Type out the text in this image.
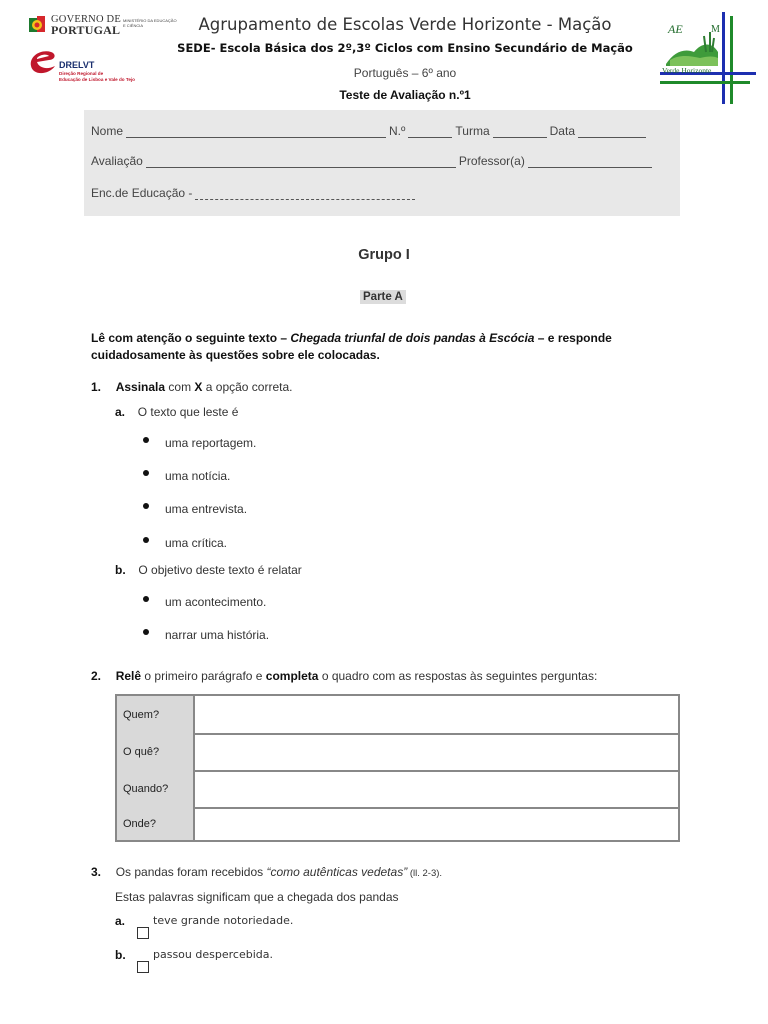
GOVERNO DE
PORTUGAL
MINISTÉRIO DA EDUCAÇÃO
E CIÊNCIA
DRELVT
Direção Regional de
Educação de Lisboa e Vale do Tejo
Agrupamento de Escolas Verde Horizonte - Mação
SEDE- Escola Básica dos 2º,3º Ciclos com Ensino Secundário de Mação
Português – 6º ano
Teste de Avaliação n.º1
AE	M
Verde Horizonte
Nome	N.º	Turma	Data
Avaliação	Professor(a)
Enc.de Educação -
Grupo I
Parte A
Lê com atenção o seguinte texto – Chegada triunfal de dois pandas à Escócia – e responde cuidadosamente às questões sobre ele colocadas.
1. Assinala com X a opção correta.
a. O texto que leste é
uma reportagem.
uma notícia.
uma entrevista.
uma crítica.
b. O objetivo deste texto é relatar
um acontecimento.
narrar uma história.
2. Relê o primeiro parágrafo e completa o quadro com as respostas às seguintes perguntas:
Quem?
O quê?
Quando?
Onde?
3. Os pandas foram recebidos “como autênticas vedetas” (ll. 2-3).
Estas palavras significam que a chegada dos pandas
a.	teve grande notoriedade.
b. passou despercebida.
